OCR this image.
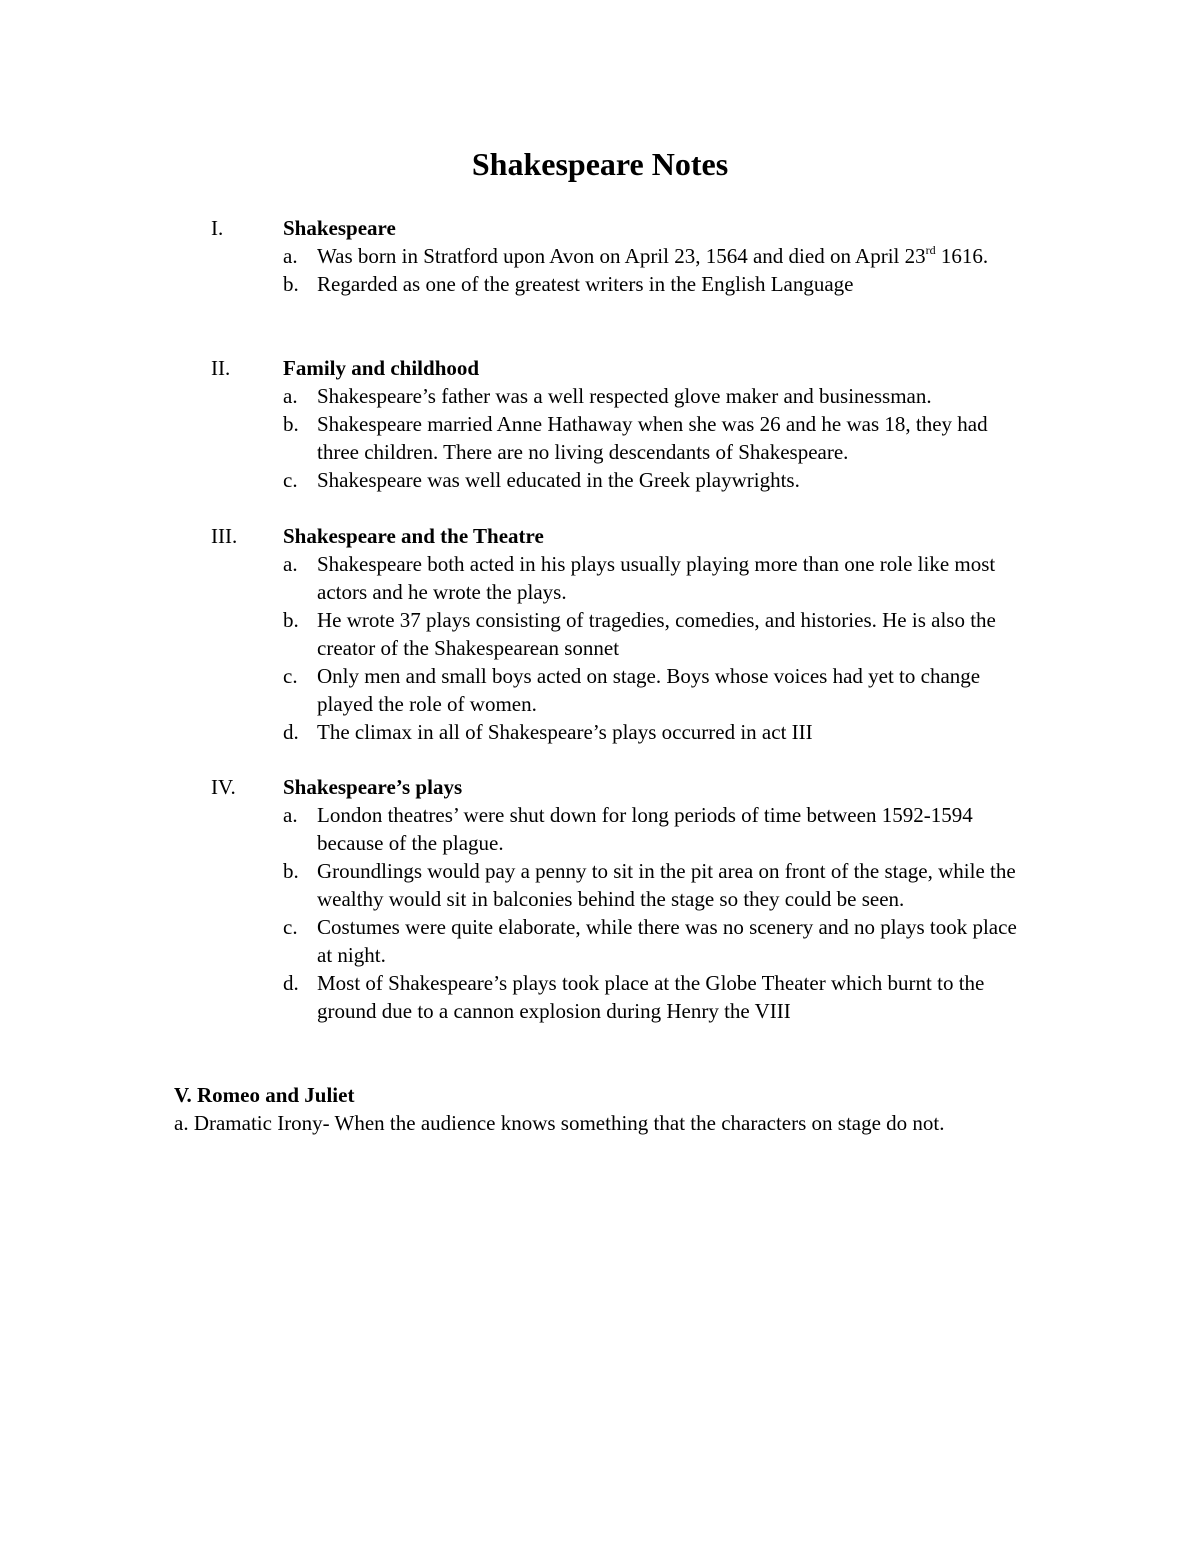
Shakespeare Notes
I.	Shakespeare
a. Was born in Stratford upon Avon on April 23, 1564 and died on April 23rd 1616.
b. Regarded as one of the greatest writers in the English Language
II.	Family and childhood
a. Shakespeare’s father was a well respected glove maker and businessman.
b. Shakespeare married Anne Hathaway when she was 26 and he was 18, they had three children. There are no living descendants of Shakespeare.
c. Shakespeare was well educated in the Greek playwrights.
III. Shakespeare and the Theatre
a. Shakespeare both acted in his plays usually playing more than one role like most actors and he wrote the plays.
b. He wrote 37 plays consisting of tragedies, comedies, and histories. He is also the creator of the Shakespearean sonnet
c. Only men and small boys acted on stage. Boys whose voices had yet to change played the role of women.
d. The climax in all of Shakespeare’s plays occurred in act III
IV. Shakespeare’s plays
a. London theatres’ were shut down for long periods of time between 1592-1594 because of the plague.
b. Groundlings would pay a penny to sit in the pit area on front of the stage, while the wealthy would sit in balconies behind the stage so they could be seen.
c. Costumes were quite elaborate, while there was no scenery and no plays took place at night.
d. Most of Shakespeare’s plays took place at the Globe Theater which burnt to the ground due to a cannon explosion during Henry the VIII
V. Romeo and Juliet
a. Dramatic Irony- When the audience knows something that the characters on stage do not.
